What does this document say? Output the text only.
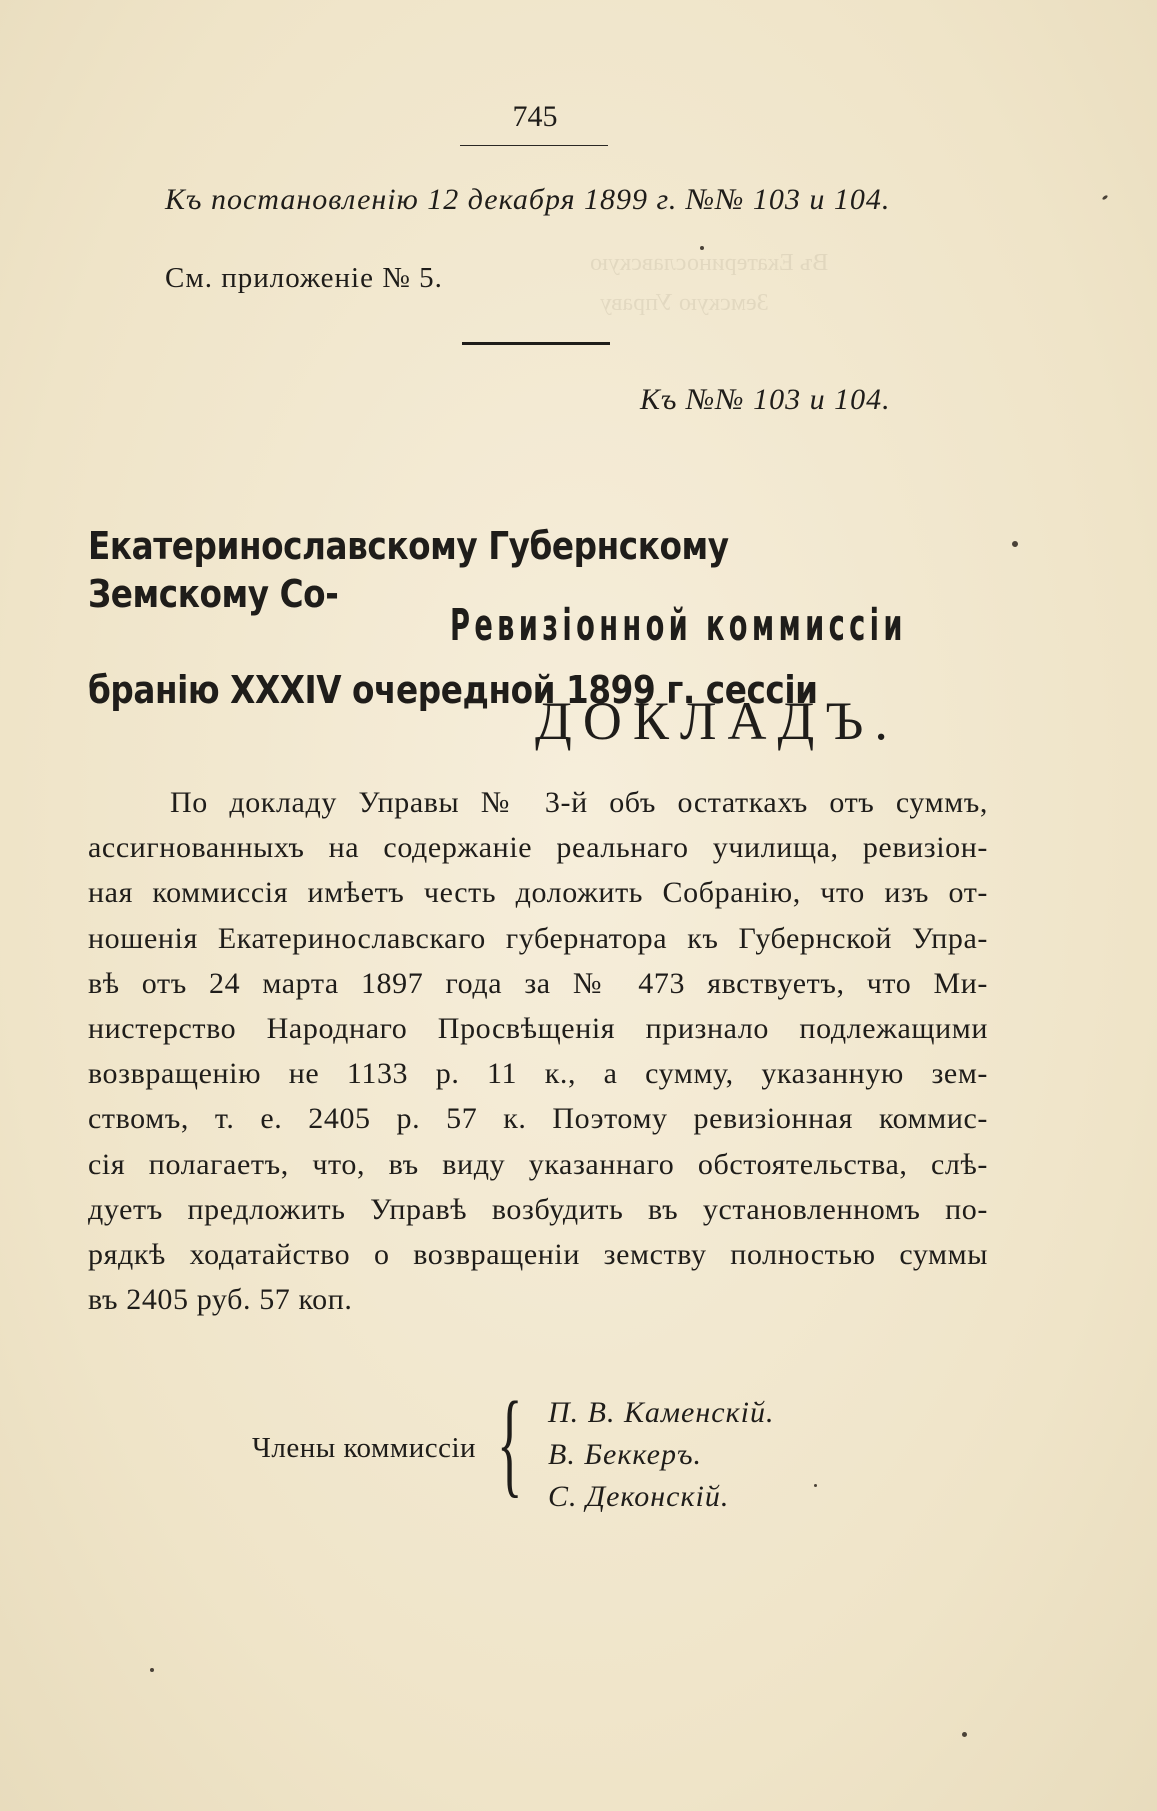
Въ Екатеринославскую
Земскую Управу
745
Къ постановленію 12 декабря 1899 г. №№ 103 и 104.
См. приложеніе № 5.
Къ №№ 103 и 104.

Екатеринославскому Губернскому Земскому Со-

бранію XXXIV очередной 1899 г. сессіи

Ревизіонной коммиссіи
ДОКЛАДЪ.
По докладу Управы № 3-й объ остаткахъ отъ суммъ,
ассигнованныхъ на содержаніе реальнаго училища, ревизіон-
ная коммиссія имѣетъ честь доложить Собранію, что изъ от-
ношенія Екатеринославскаго губернатора къ Губернской Упра-
вѣ отъ 24 марта 1897 года за № 473 явствуетъ, что Ми-
нистерство Народнаго Просвѣщенія признало подлежащими
возвращенію не 1133 р. 11 к., а сумму, указанную зем-
ствомъ, т. е. 2405 р. 57 к. Поэтому ревизіонная коммис-
сія полагаетъ, что, въ виду указаннаго обстоятельства, слѣ-
дуетъ предложить Управѣ возбудить въ установленномъ по-
рядкѣ ходатайство о возвращеніи земству полностью суммы
въ 2405 руб. 57 коп.
Члены коммиссіи { П. В. Каменскій.
В. Беккеръ.
С. Деконскій.
